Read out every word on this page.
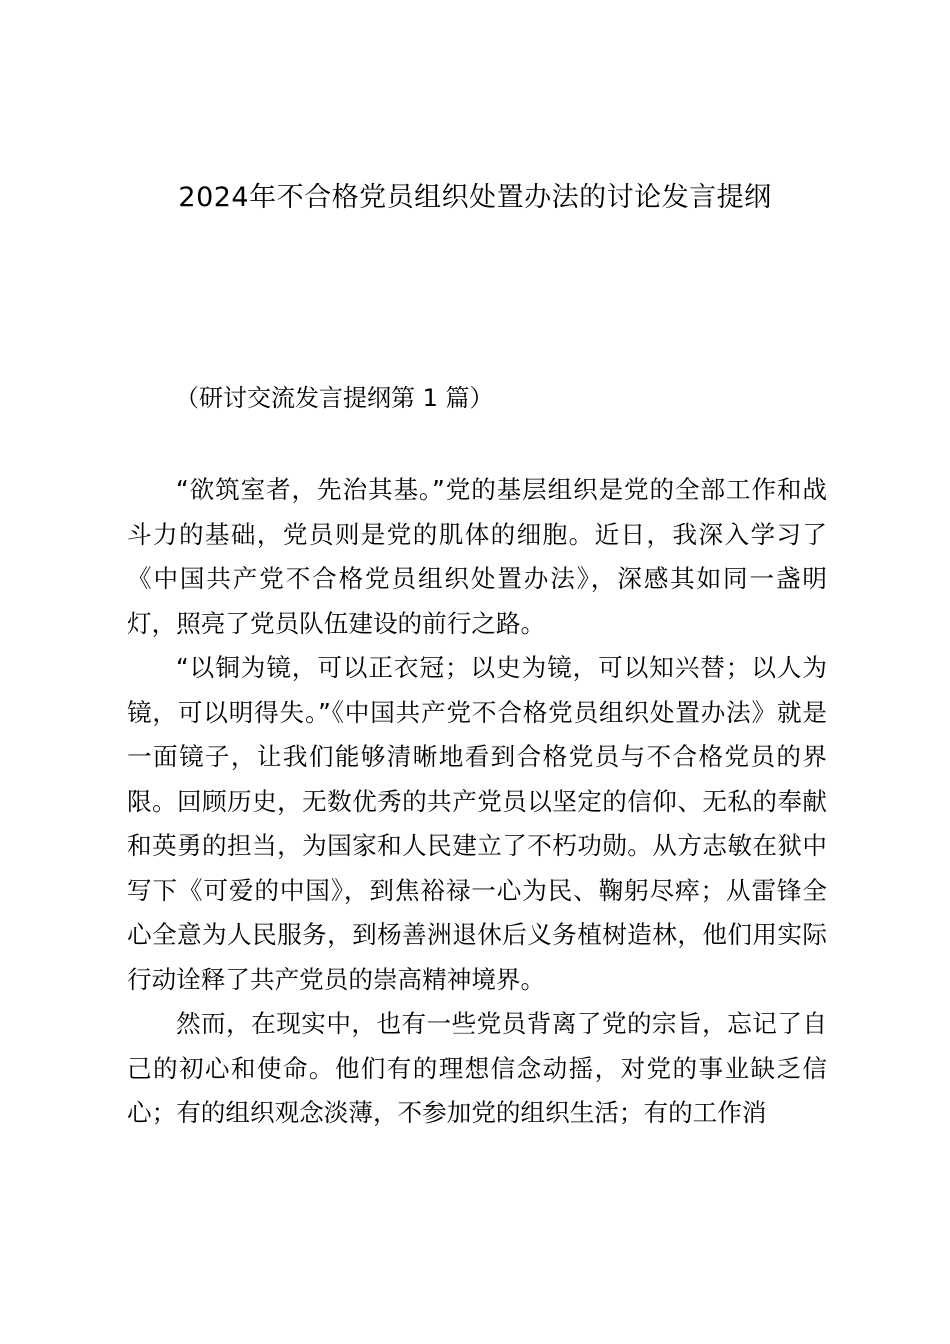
2024年不合格党员组织处置办法的讨论发言提纲

（研讨交流发言提纲第 1 篇）

“欲筑室者，先治其基。”党的基层组织是党的全部工作和战斗力的基础，党员则是党的肌体的细胞。近日，我深入学习了《中国共产党不合格党员组织处置办法》，深感其如同一盏明灯，照亮了党员队伍建设的前行之路。

“以铜为镜，可以正衣冠；以史为镜，可以知兴替；以人为镜，可以明得失。”《中国共产党不合格党员组织处置办法》就是一面镜子，让我们能够清晰地看到合格党员与不合格党员的界限。回顾历史，无数优秀的共产党员以坚定的信仰、无私的奉献和英勇的担当，为国家和人民建立了不朽功勋。从方志敏在狱中写下《可爱的中国》，到焦裕禄一心为民、鞠躬尽瘁；从雷锋全心全意为人民服务，到杨善洲退休后义务植树造林，他们用实际行动诠释了共产党员的崇高精神境界。

然而，在现实中，也有一些党员背离了党的宗旨，忘记了自己的初心和使命。他们有的理想信念动摇，对党的事业缺乏信心；有的组织观念淡薄，不参加党的组织生活；有的工作消
